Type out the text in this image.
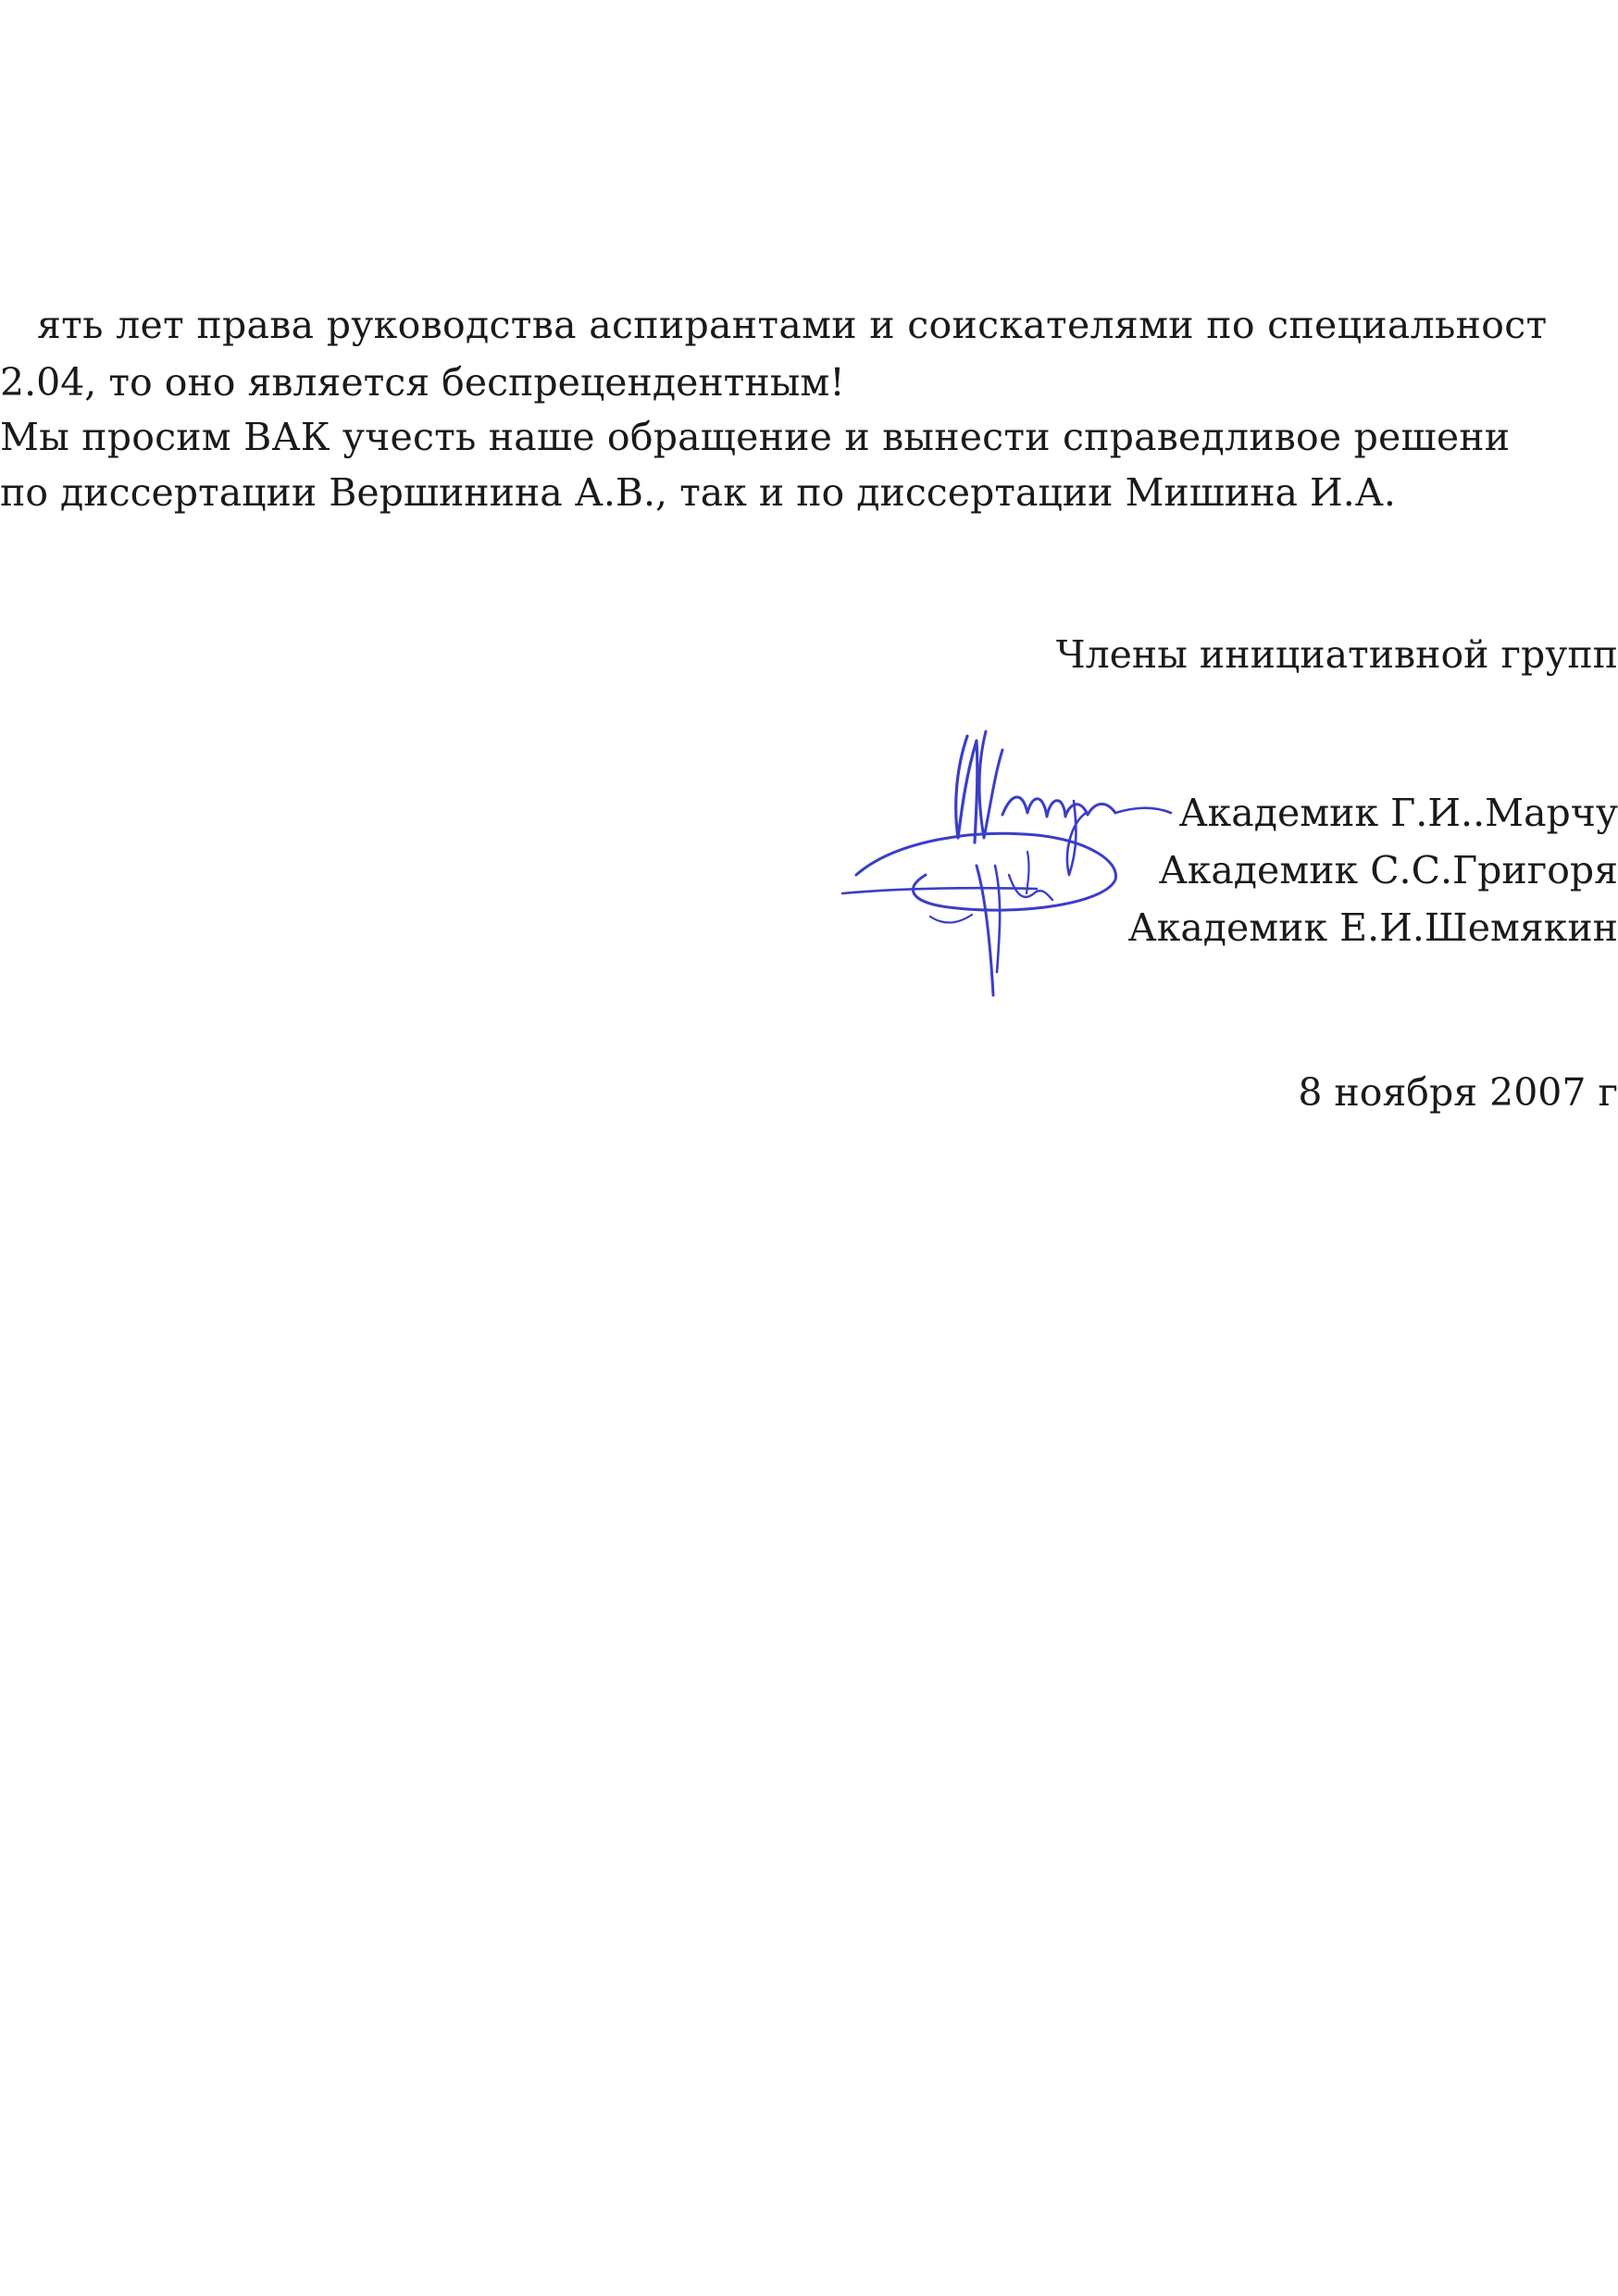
ять лет права руководства аспирантами и соискателями по специальност
2.04, то оно является беспрецендентным!
Мы просим ВАК учесть наше обращение и вынести справедливое решени
по диссертации Вершинина А.В., так и по диссертации Мишина И.А.
Члены инициативной групп
Академик Г.И..Марчу
Академик С.С.Григоря
Академик Е.И.Шемякин
8 ноября 2007 г
